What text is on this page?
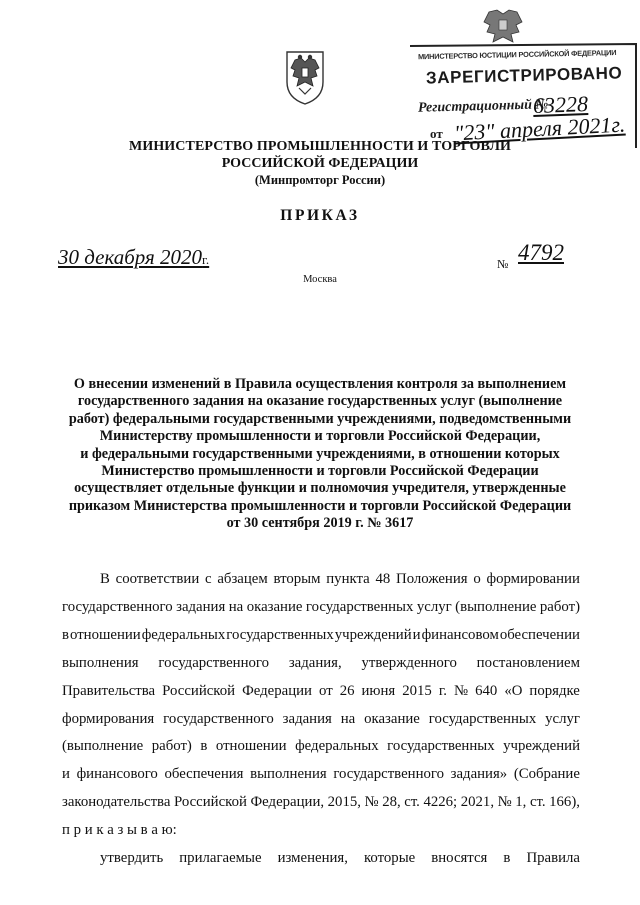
МИНИСТЕРСТВО ЮСТИЦИИ РОССИЙСКОЙ ФЕДЕРАЦИИ
ЗАРЕГИСТРИРОВАНО
Регистрационный №
63228
от "23" апреля 2021г.
МИНИСТЕРСТВО ПРОМЫШЛЕННОСТИ И ТОРГОВЛИ
РОССИЙСКОЙ ФЕДЕРАЦИИ
(Минпромторг России)
ПРИКАЗ
30 декабря 2020г.	№ 4792
Москва
О внесении изменений в Правила осуществления контроля за выполнением
государственного задания на оказание государственных услуг (выполнение
работ) федеральными государственными учреждениями, подведомственными
Министерству промышленности и торговли Российской Федерации,
и федеральными государственными учреждениями, в отношении которых
Министерство промышленности и торговли Российской Федерации
осуществляет отдельные функции и полномочия учредителя, утвержденные
приказом Министерства промышленности и торговли Российской Федерации
от 30 сентября 2019 г. № 3617
В соответствии с абзацем вторым пункта 48 Положения о формировании
государственного задания на оказание государственных услуг (выполнение работ)
в отношении федеральных государственных учреждений и финансовом обеспечении
выполнения государственного задания, утвержденного постановлением
Правительства Российской Федерации от 26 июня 2015 г. № 640 «О порядке
формирования государственного задания на оказание государственных услуг
(выполнение работ) в отношении федеральных государственных учреждений
и финансового обеспечения выполнения государственного задания» (Собрание
законодательства Российской Федерации, 2015, № 28, ст. 4226; 2021, № 1, ст. 166),
п р и к а з ы в а ю:
утвердить прилагаемые изменения, которые вносятся в Правила
